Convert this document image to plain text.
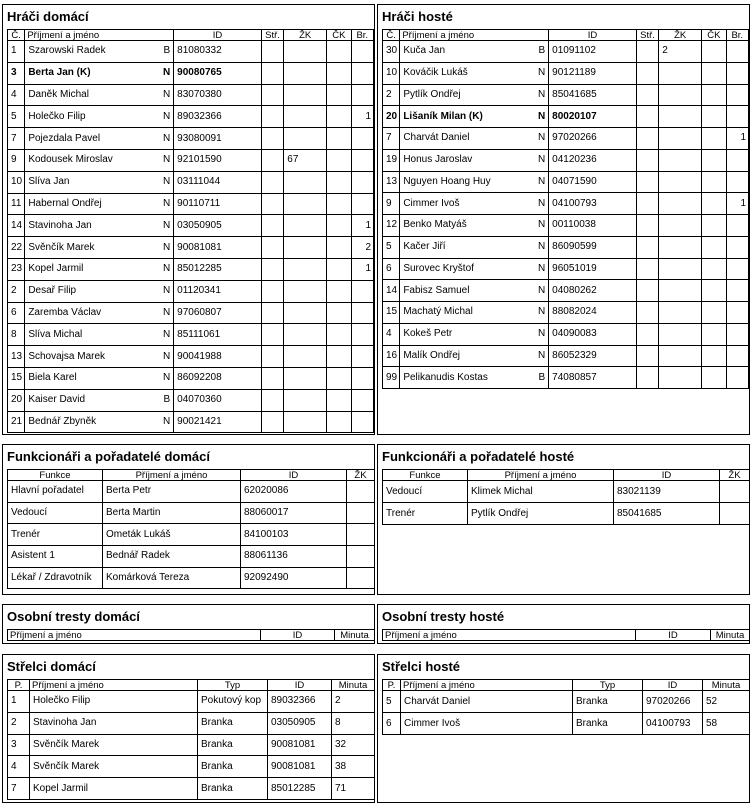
Hráči domácí
Č.	Příjmení a jméno	ID	Stř.	ŽK	ČK	Br.
1	Szarowski Radek B	81080332				
3	Berta Jan (K) N	90080765				
4	Daněk Michal N	83070380				
5	Holečko Filip N	89032366				1
7	Pojezdala Pavel N	93080091				
9	Kodousek Miroslav N	92101590		67		
10	Slíva Jan N	03111044				
11	Habernal Ondřej N	90110711				
14	Stavinoha Jan N	03050905				1
22	Svěnčík Marek N	90081081				2
23	Kopel Jarmil N	85012285				1
2	Desař Filip N	01120341				
6	Zaremba Václav N	97060807				
8	Slíva Michal N	85111061				
13	Schovajsa Marek N	90041988				
15	Biela Karel N	86092208				
20	Kaiser David B	04070360				
21	Bednář Zbyněk N	90021421				
Hráči hosté
Č.	Příjmení a jméno	ID	Stř.	ŽK	ČK	Br.
30	Kuča Jan B	01091102		2		
10	Kováčik Lukáš N	90121189				
2	Pytlík Ondřej N	85041685				
20	Lišaník Milan (K) N	80020107				
7	Charvát Daniel N	97020266				1
19	Honus Jaroslav N	04120236				
13	Nguyen Hoang Huy N	04071590				
9	Cimmer Ivoš N	04100793				1
12	Benko Matyáš N	00110038				
5	Kačer Jiří N	86090599				
6	Surovec Kryštof N	96051019				
14	Fabisz Samuel N	04080262				
15	Machatý Michal N	88082024				
4	Kokeš Petr N	04090083				
16	Malík Ondřej N	86052329				
99	Pelikanudis Kostas B	74080857				
Funkcionáři a pořadatelé domácí
Funkce	Příjmení a jméno	ID	ŽK
Hlavní pořadatel	Berta Petr	62020086	
Vedoucí	Berta Martin	88060017	
Trenér	Ometák Lukáš	84100103	
Asistent 1	Bednář Radek	88061136	
Lékař / Zdravotník	Komárková Tereza	92092490	
Funkcionáři a pořadatelé hosté
Funkce	Příjmení a jméno	ID	ŽK
Vedoucí	Klimek Michal	83021139	
Trenér	Pytlík Ondřej	85041685	
Osobní tresty domácí
Příjmení a jméno	ID	Minuta
Osobní tresty hosté
Příjmení a jméno	ID	Minuta
Střelci domácí
P.	Příjmení a jméno	Typ	ID	Minuta
1	Holečko Filip	Pokutový kop	89032366	2
2	Stavinoha Jan	Branka	03050905	8
3	Svěnčík Marek	Branka	90081081	32
4	Svěnčík Marek	Branka	90081081	38
7	Kopel Jarmil	Branka	85012285	71
Střelci hosté
P.	Příjmení a jméno	Typ	ID	Minuta
5	Charvát Daniel	Branka	97020266	52
6	Cimmer Ivoš	Branka	04100793	58
